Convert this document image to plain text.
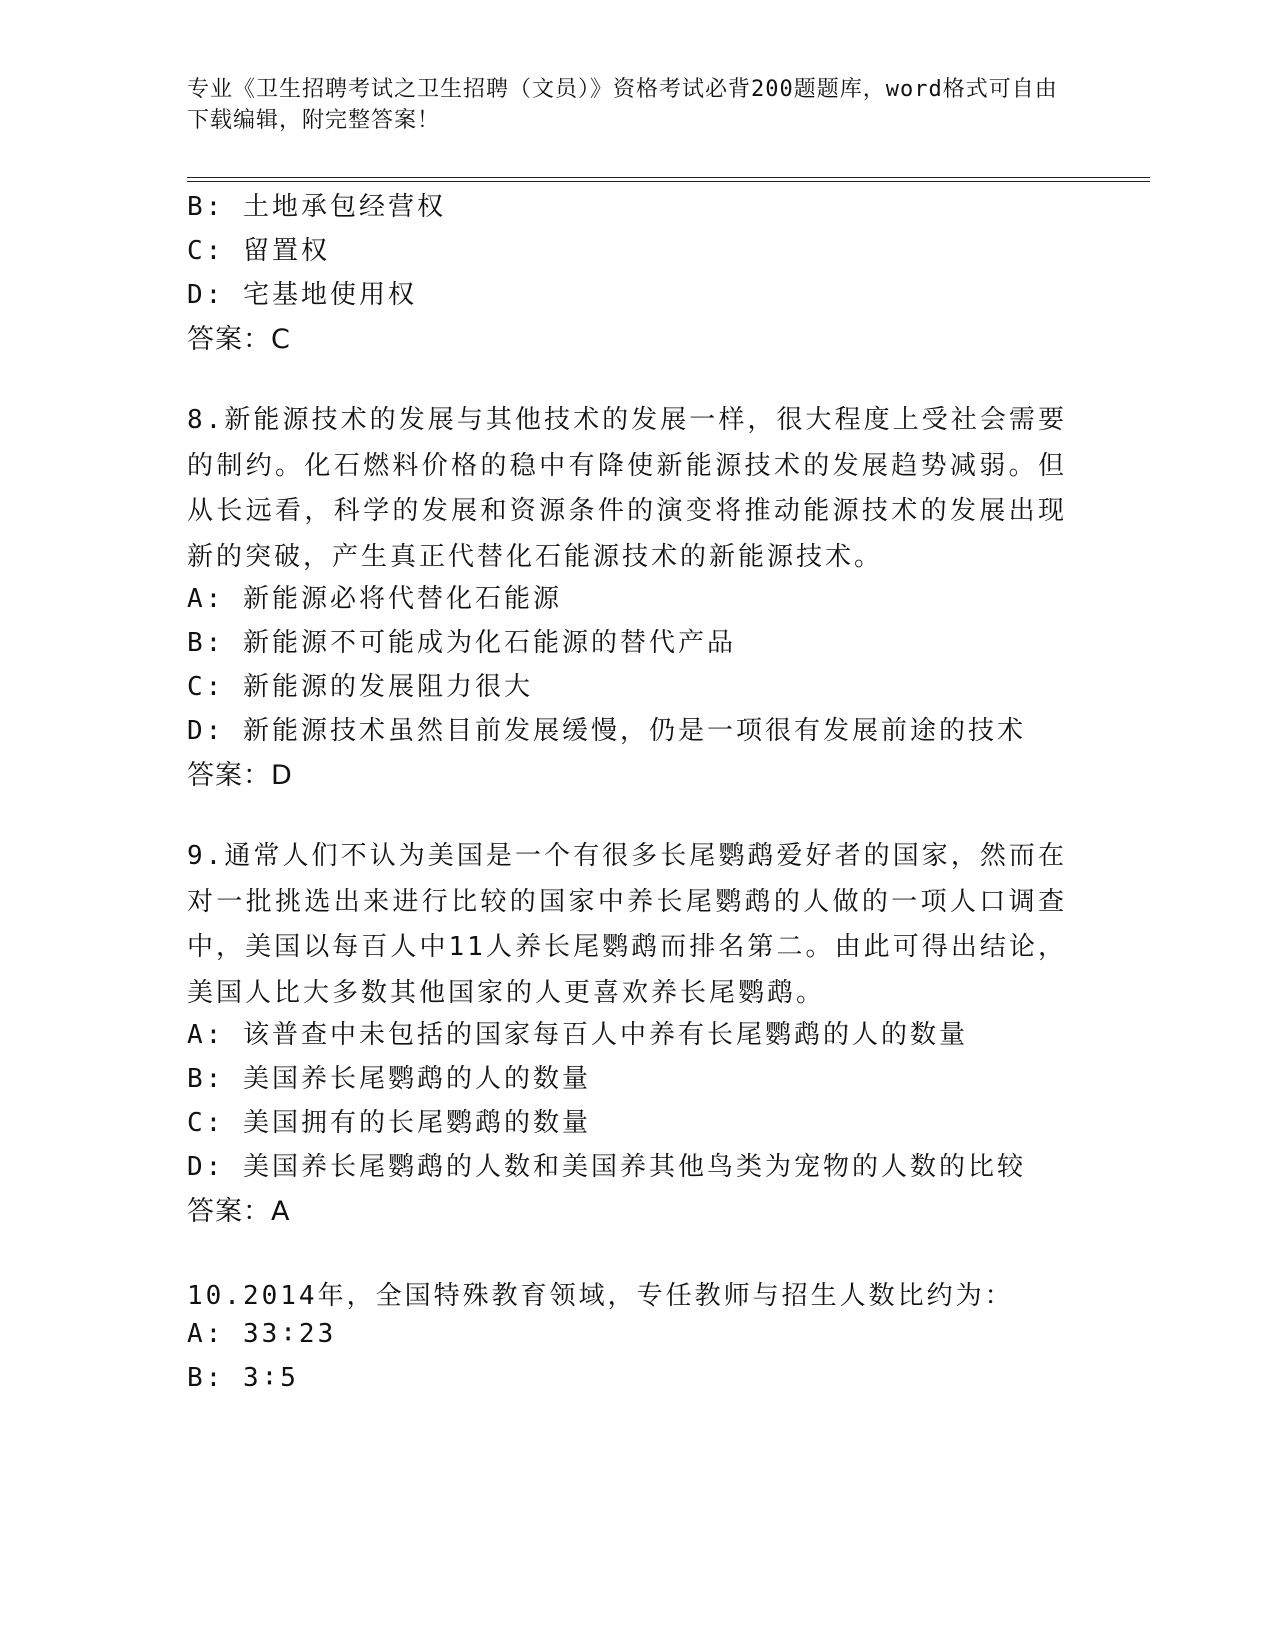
专业《卫生招聘考试之卫生招聘（文员）》资格考试必背200题题库，word格式可自由下载编辑，附完整答案！
B: 土地承包经营权
C: 留置权
D: 宅基地使用权
答案：C
8.新能源技术的发展与其他技术的发展一样，很大程度上受社会需要的制约。化石燃料价格的稳中有降使新能源技术的发展趋势减弱。但从长远看，科学的发展和资源条件的演变将推动能源技术的发展出现新的突破，产生真正代替化石能源技术的新能源技术。
A: 新能源必将代替化石能源
B: 新能源不可能成为化石能源的替代产品
C: 新能源的发展阻力很大
D: 新能源技术虽然目前发展缓慢，仍是一项很有发展前途的技术
答案：D
9.通常人们不认为美国是一个有很多长尾鹦鹉爱好者的国家，然而在对一批挑选出来进行比较的国家中养长尾鹦鹉的人做的一项人口调查中，美国以每百人中11人养长尾鹦鹉而排名第二。由此可得出结论，美国人比大多数其他国家的人更喜欢养长尾鹦鹉。
A: 该普查中未包括的国家每百人中养有长尾鹦鹉的人的数量
B: 美国养长尾鹦鹉的人的数量
C: 美国拥有的长尾鹦鹉的数量
D: 美国养长尾鹦鹉的人数和美国养其他鸟类为宠物的人数的比较
答案：A
10.2014年，全国特殊教育领域，专任教师与招生人数比约为：
A: 33∶23
B: 3∶5
